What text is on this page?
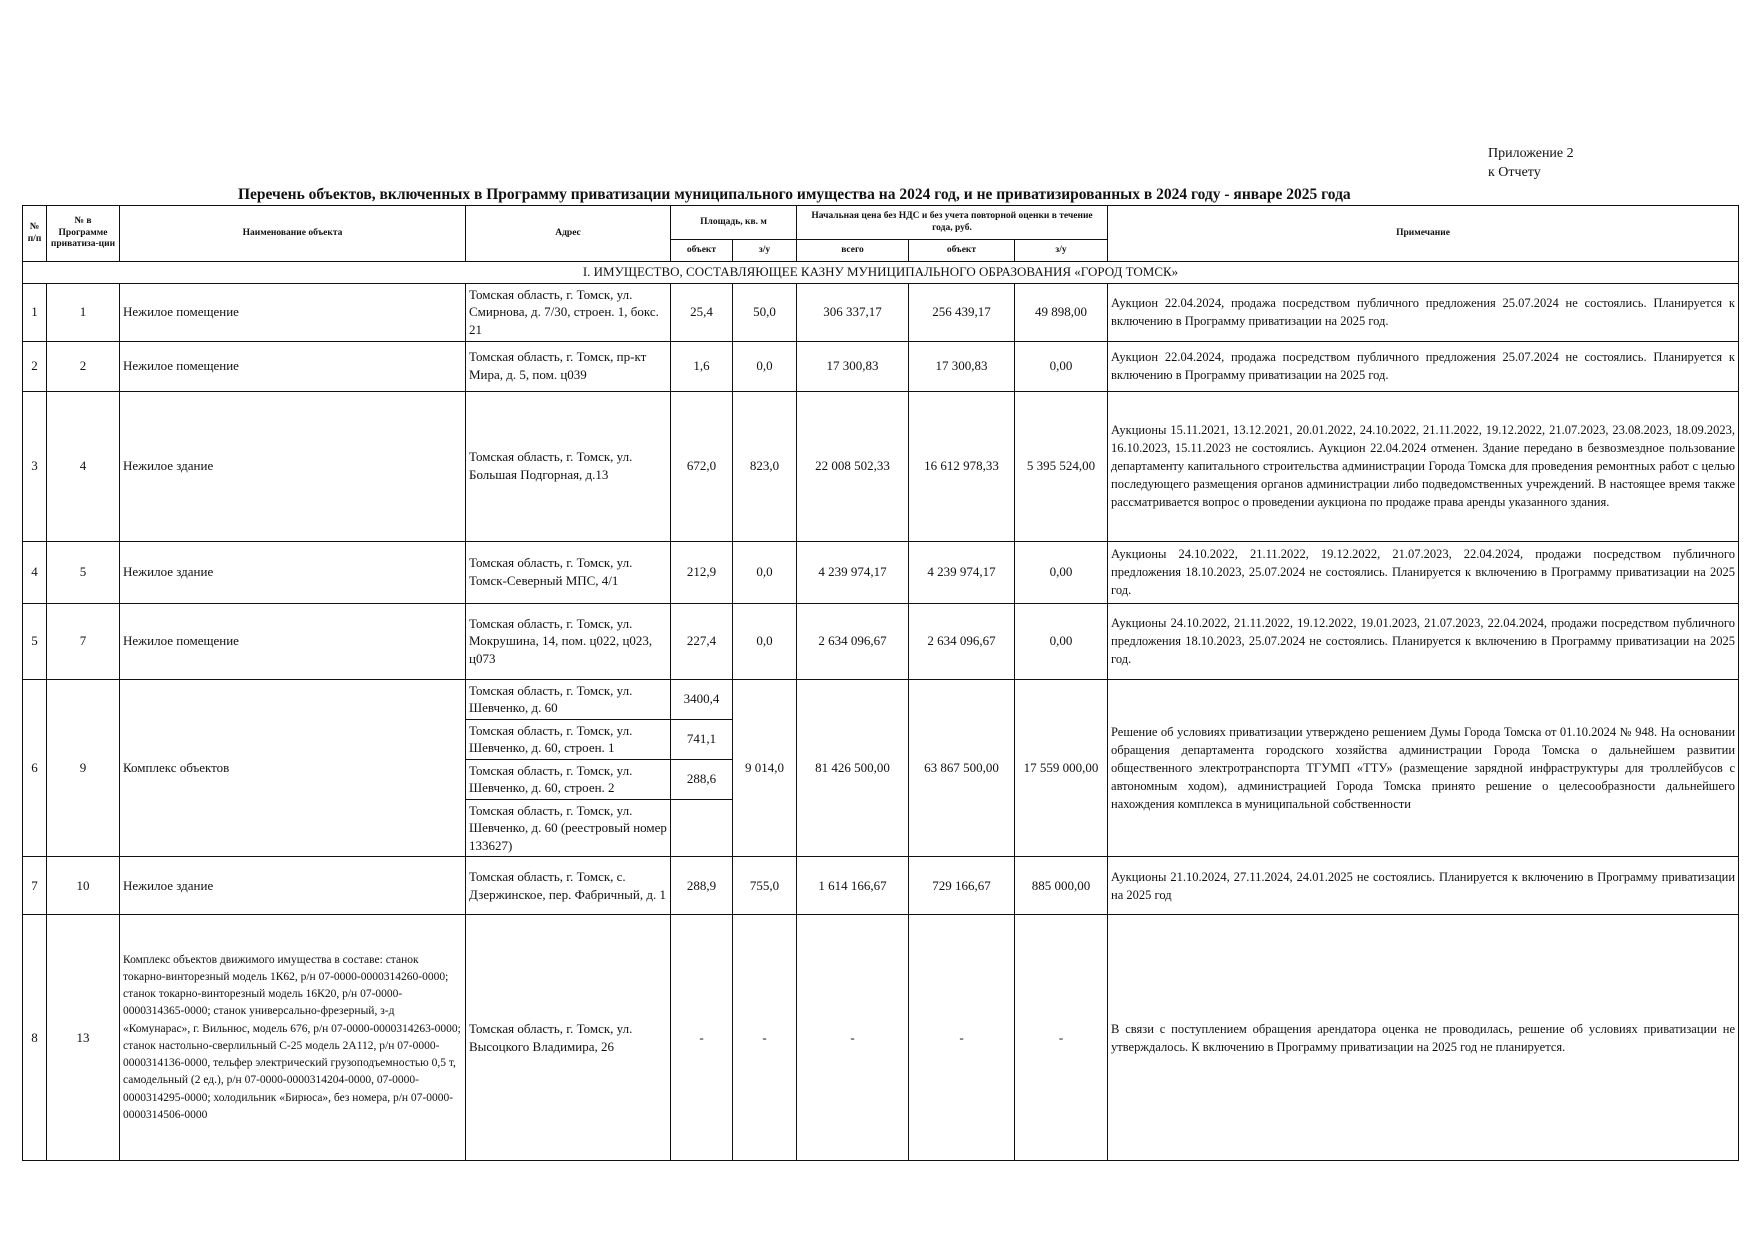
Приложение 2
к Отчету
Перечень объектов, включенных в Программу приватизации муниципального имущества на 2024 год, и не приватизированных в 2024 году - январе 2025 года
№ п/п	№ в Программе приватиза-ции	Наименование объекта	Адрес	Площадь, кв. м		Начальная цена без НДС и без учета повторной оценки в течение года, руб.			Примечание
				объект	з/у	всего	объект	з/у	
I. ИМУЩЕСТВО, СОСТАВЛЯЮЩЕЕ КАЗНУ МУНИЦИПАЛЬНОГО ОБРАЗОВАНИЯ «ГОРОД ТОМСК»									
1	1	Нежилое помещение	Томская область, г. Томск, ул. Смирнова, д. 7/30, строен. 1, бокс. 21	25,4	50,0	306 337,17	256 439,17	49 898,00	Аукцион 22.04.2024, продажа посредством публичного предложения 25.07.2024 не состоялись. Планируется к включению в Программу приватизации на 2025 год.
2	2	Нежилое помещение	Томская область, г. Томск, пр-кт Мира, д. 5, пом. ц039	1,6	0,0	17 300,83	17 300,83	0,00	Аукцион 22.04.2024, продажа посредством публичного предложения 25.07.2024 не состоялись. Планируется к включению в Программу приватизации на 2025 год.
3	4	Нежилое здание	Томская область, г. Томск, ул. Большая Подгорная, д.13	672,0	823,0	22 008 502,33	16 612 978,33	5 395 524,00	Аукционы 15.11.2021, 13.12.2021, 20.01.2022, 24.10.2022, 21.11.2022, 19.12.2022, 21.07.2023, 23.08.2023, 18.09.2023, 16.10.2023, 15.11.2023 не состоялись. Аукцион 22.04.2024 отменен. Здание передано в безвозмездное пользование департаменту капитального строительства администрации Города Томска для проведения ремонтных работ с целью последующего размещения органов администрации либо подведомственных учреждений. В настоящее время также рассматривается вопрос о проведении аукциона по продаже права аренды указанного здания.
4	5	Нежилое здание	Томская область, г. Томск, ул. Томск-Северный МПС, 4/1	212,9	0,0	4 239 974,17	4 239 974,17	0,00	Аукционы 24.10.2022, 21.11.2022, 19.12.2022, 21.07.2023, 22.04.2024, продажи посредством публичного предложения 18.10.2023, 25.07.2024 не состоялись. Планируется к включению в Программу приватизации на 2025 год.
5	7	Нежилое помещение	Томская область, г. Томск, ул. Мокрушина, 14, пом. ц022, ц023, ц073	227,4	0,0	2 634 096,67	2 634 096,67	0,00	Аукционы 24.10.2022, 21.11.2022, 19.12.2022, 19.01.2023, 21.07.2023, 22.04.2024, продажи посредством публичного предложения 18.10.2023, 25.07.2024 не состоялись. Планируется к включению в Программу приватизации на 2025 год.
6	9	Комплекс объектов	Томская область, г. Томск, ул. Шевченко, д. 60	3400,4	9 014,0	81 426 500,00	63 867 500,00	17 559 000,00	Решение об условиях приватизации утверждено решением Думы Города Томска от 01.10.2024 № 948. На основании обращения департамента городского хозяйства администрации Города Томска о дальнейшем развитии общественного электротранспорта ТГУМП «ТТУ» (размещение зарядной инфраструктуры для троллейбусов с автономным ходом), администрацией Города Томска принято решение о целесообразности дальнейшего нахождения комплекса в муниципальной собственности
			Томская область, г. Томск, ул. Шевченко, д. 60, строен. 1	741,1					
			Томская область, г. Томск, ул. Шевченко, д. 60, строен. 2	288,6					
			Томская область, г. Томск, ул. Шевченко, д. 60 (реестровый номер 133627)						
7	10	Нежилое здание	Томская область, г. Томск, с. Дзержинское, пер. Фабричный, д. 1	288,9	755,0	1 614 166,67	729 166,67	885 000,00	Аукционы 21.10.2024, 27.11.2024, 24.01.2025 не состоялись. Планируется к включению в Программу приватизации на 2025 год
8	13	Комплекс объектов движимого имущества в составе: станок токарно-винторезный модель 1К62, р/н 07-0000-0000314260-0000; станок токарно-винторезный модель 16К20, р/н 07-0000-0000314365-0000; станок универсально-фрезерный, з-д «Комунарас», г. Вильнюс, модель 676, р/н 07-0000-0000314263-0000; станок настольно-сверлильный С-25 модель 2А112, р/н 07-0000-0000314136-0000, тельфер электрический грузоподъемностью 0,5 т, самодельный (2 ед.), р/н 07-0000-0000314204-0000, 07-0000-0000314295-0000; холодильник «Бирюса», без номера, р/н 07-0000-0000314506-0000	Томская область, г. Томск, ул. Высоцкого Владимира, 26	-	-	-	-	-	В связи с поступлением обращения арендатора оценка не проводилась, решение об условиях приватизации не утверждалось. К включению в Программу приватизации на 2025 год не планируется.
